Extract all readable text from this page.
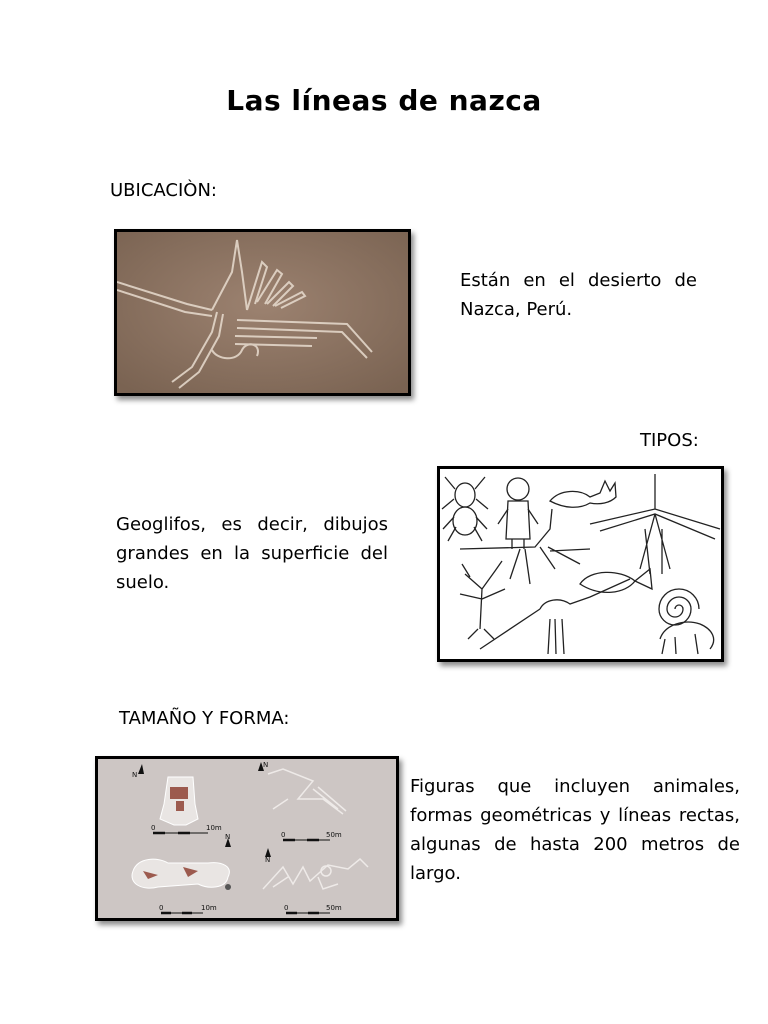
Las líneas de nazca
UBICACIÒN:
Están en el desierto de Nazca, Perú.
TIPOS:
Geoglifos, es decir, dibujos grandes en la superficie del suelo.
TAMAÑO Y FORMA:
N
N
N
N
0	10m
0	50m
0	10m	0	50m
Figuras que incluyen animales, formas geométricas y líneas rectas, algunas de hasta 200 metros de largo.
